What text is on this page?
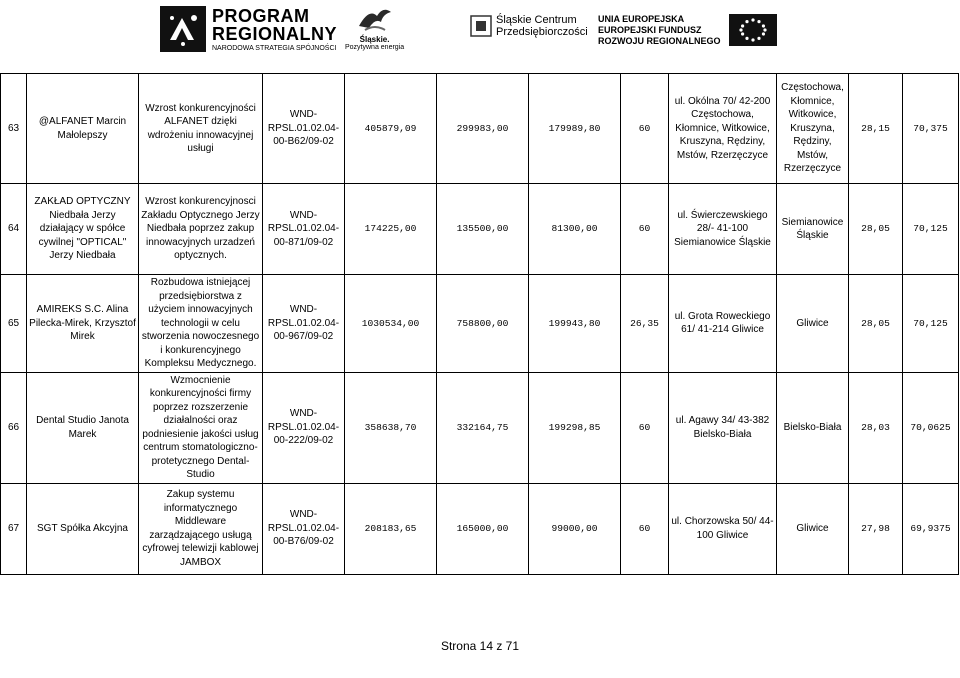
PROGRAM
REGIONALNY
NARODOWA STRATEGIA SPÓJNOŚCI
Śląskie.
Pozytywna energia
Śląskie Centrum
Przedsiębiorczości
UNIA EUROPEJSKA
EUROPEJSKI FUNDUSZ
ROZWOJU REGIONALNEGO
63	@ALFANET Marcin Małolepszy	Wzrost konkurencyjności ALFANET dzięki wdrożeniu innowacyjnej usługi	WND-RPSL.01.02.04-00-B62/09-02	405879,09	299983,00	179989,80	60	ul. Okólna 70/ 42-200 Częstochowa, Kłomnice, Witkowice, Kruszyna, Rędziny, Mstów, Rzerzęczyce	Częstochowa, Kłomnice, Witkowice, Kruszyna, Rędziny, Mstów, Rzerzęczyce	28,15	70,375
64	ZAKŁAD OPTYCZNY Niedbała Jerzy działający w spółce cywilnej "OPTICAL" Jerzy Niedbała	Wzrost konkurencyjnosci Zakładu Optycznego Jerzy Niedbała poprzez zakup innowacyjnych urzadzeń optycznych.	WND-RPSL.01.02.04-00-871/09-02	174225,00	135500,00	81300,00	60	ul. Świerczewskiego 28/- 41-100 Siemianowice Śląskie	Siemianowice Śląskie	28,05	70,125
65	AMIREKS S.C. Alina Pilecka-Mirek, Krzysztof Mirek	Rozbudowa istniejącej przedsiębiorstwa z użyciem innowacyjnych technologii w celu stworzenia nowoczesnego i konkurencyjnego Kompleksu Medycznego.	WND-RPSL.01.02.04-00-967/09-02	1030534,00	758800,00	199943,80	26,35	ul. Grota Roweckiego 61/ 41-214 Gliwice	Gliwice	28,05	70,125
66	Dental Studio Janota Marek	Wzmocnienie konkurencyjności firmy poprzez rozszerzenie działalności oraz podniesienie jakości usług centrum stomatologiczno-protetycznego Dental-Studio	WND-RPSL.01.02.04-00-222/09-02	358638,70	332164,75	199298,85	60	ul. Agawy 34/ 43-382 Bielsko-Biała	Bielsko-Biała	28,03	70,0625
67	SGT Spółka Akcyjna	Zakup systemu informatycznego Middleware zarządzającego usługą cyfrowej telewizji kablowej JAMBOX	WND-RPSL.01.02.04-00-B76/09-02	208183,65	165000,00	99000,00	60	ul. Chorzowska 50/ 44-100 Gliwice	Gliwice	27,98	69,9375
Strona 14 z 71
